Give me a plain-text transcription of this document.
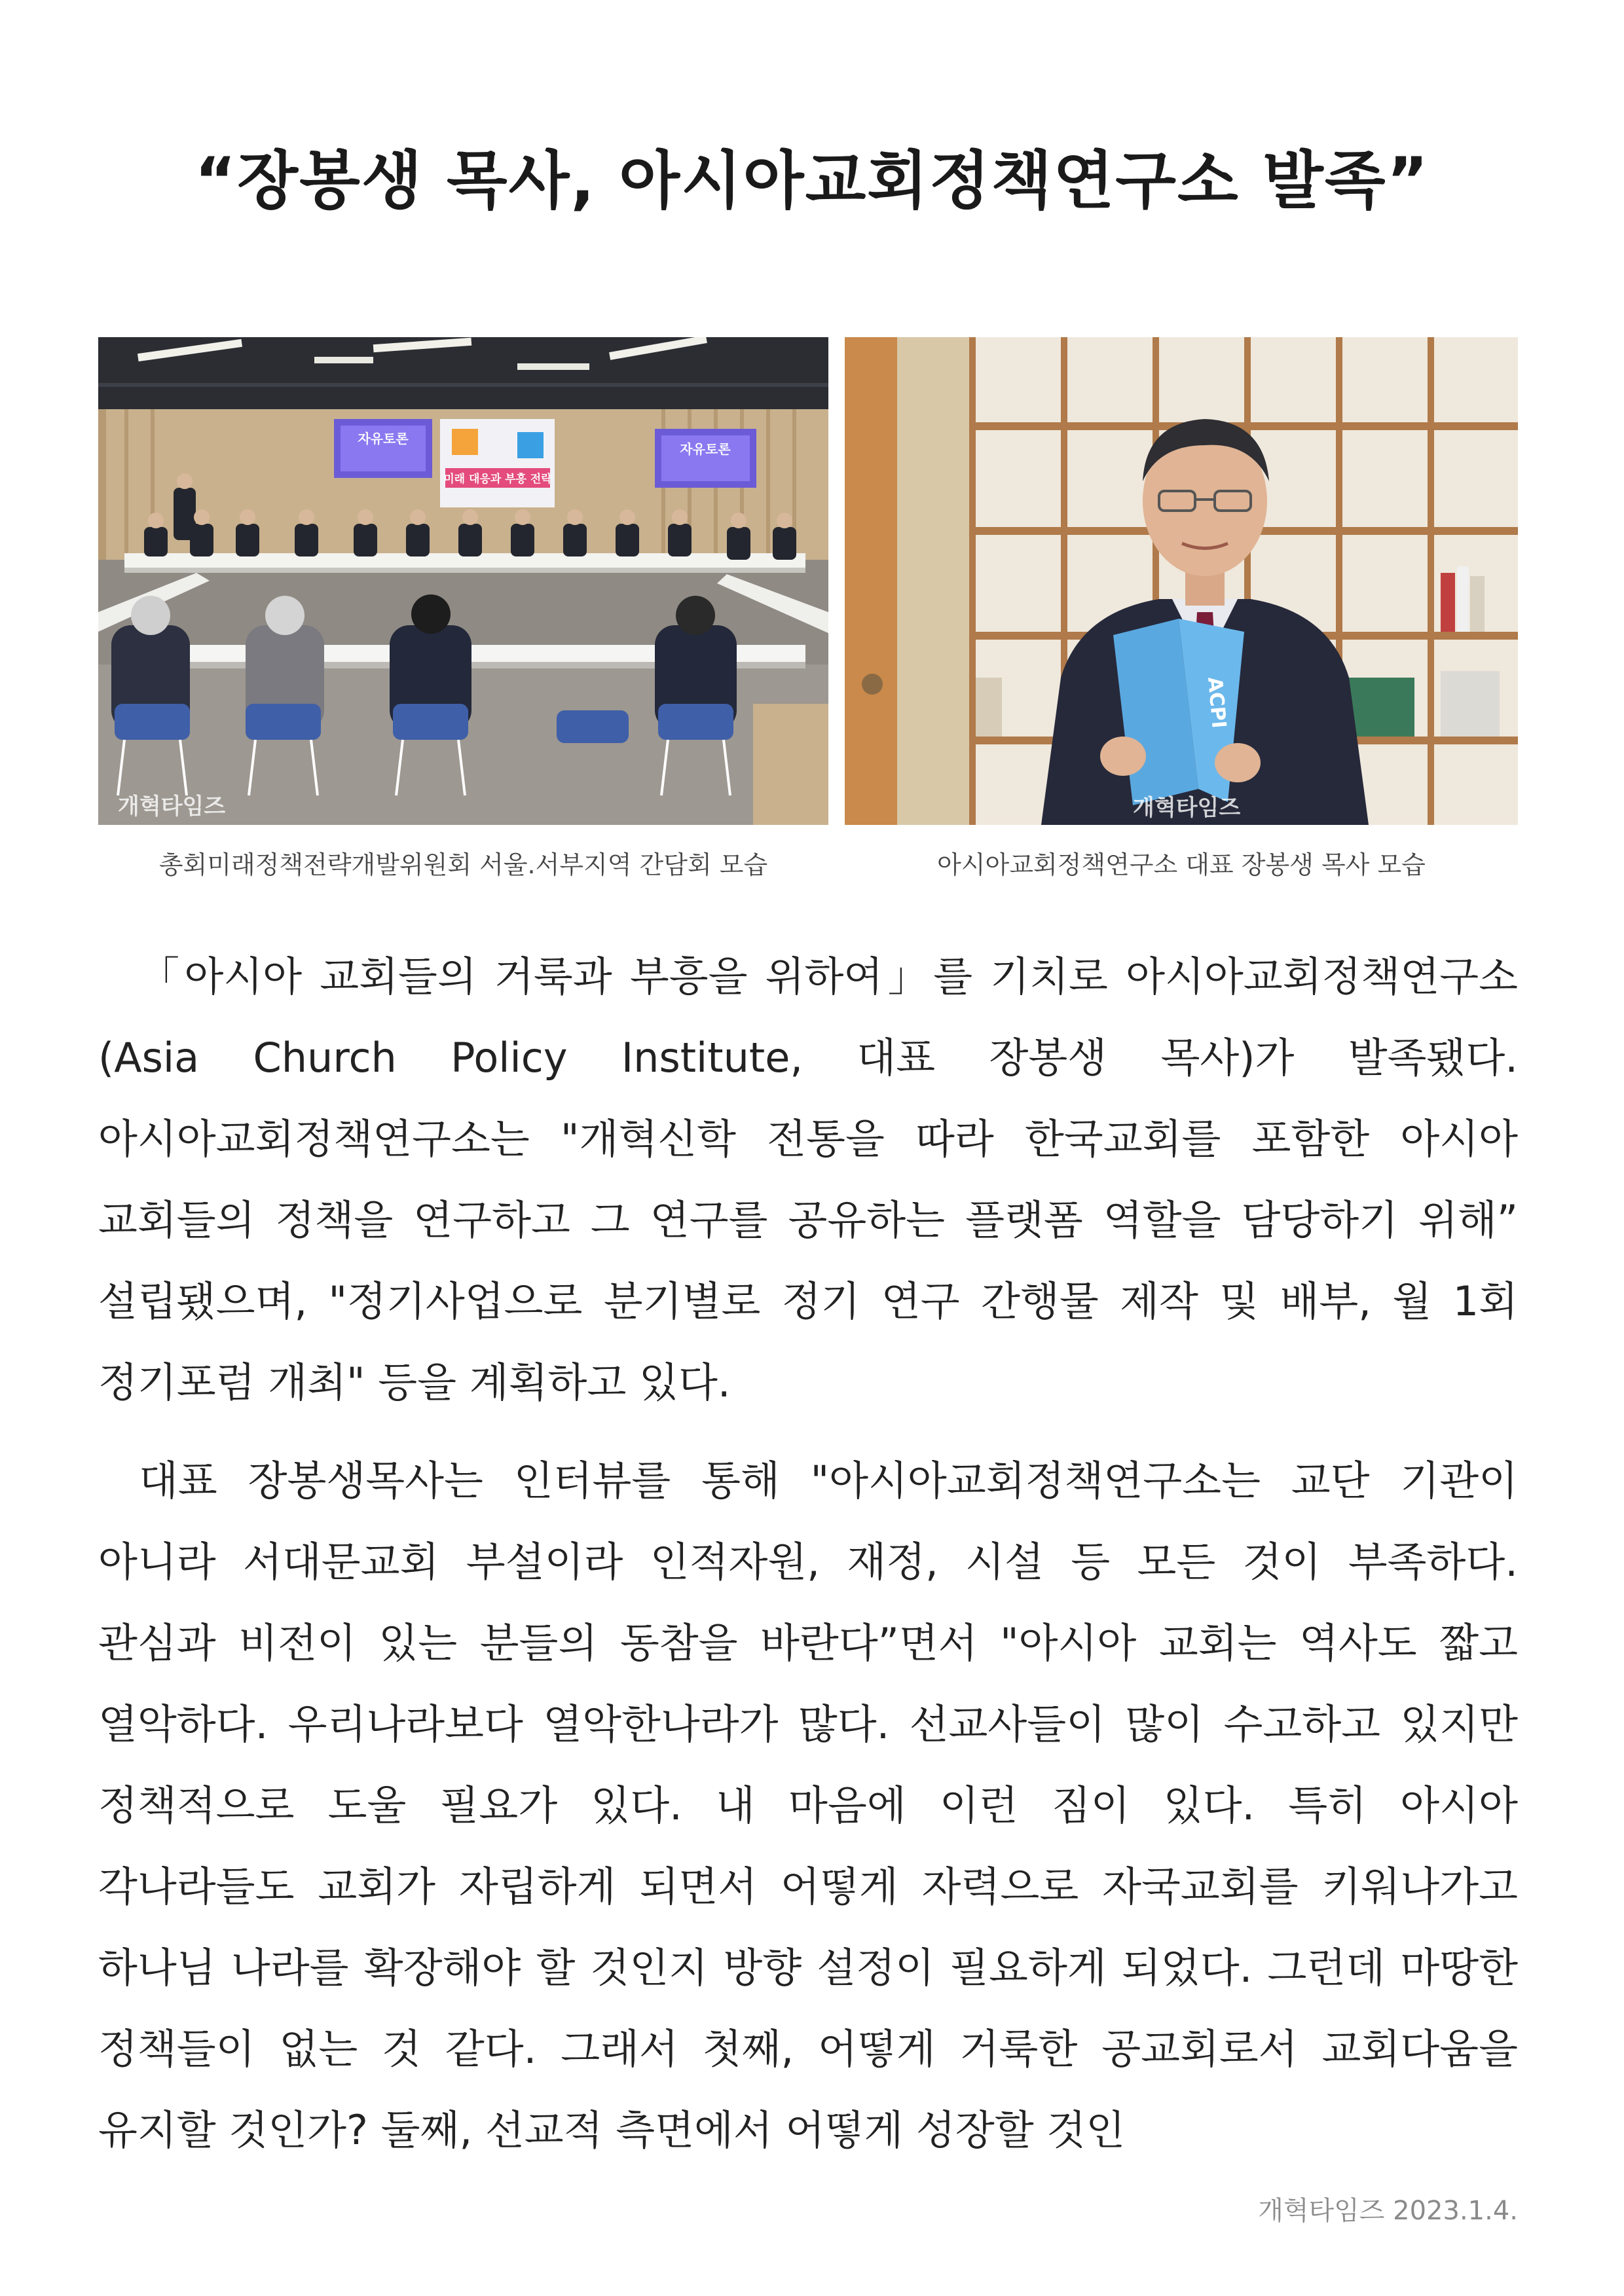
“장봉생 목사, 아시아교회정책연구소 발족”
자유토론
미래 대응과 부흥 전략
자유토론
개혁타임즈
ACPI
개혁타임즈
총회미래정책전략개발위원회 서울.서부지역 간담회 모습	아시아교회정책연구소 대표 장봉생 목사 모습

「아시아 교회들의 거룩과 부흥을 위하여」를 기치로 아시아교회정책연구소(Asia Church Policy Institute, 대표 장봉생 목사)가 발족됐다. 아시아교회정책연구소는 "개혁신학 전통을 따라 한국교회를 포함한 아시아 교회들의 정책을 연구하고 그 연구를 공유하는 플랫폼 역할을 담당하기 위해” 설립됐으며, "정기사업으로 분기별로 정기 연구 간행물 제작 및 배부, 월 1회 정기포럼 개최" 등을 계획하고 있다.

대표 장봉생목사는 인터뷰를 통해 "아시아교회정책연구소는 교단 기관이 아니라 서대문교회 부설이라 인적자원, 재정, 시설 등 모든 것이 부족하다. 관심과 비전이 있는 분들의 동참을 바란다”면서 "아시아 교회는 역사도 짧고 열악하다. 우리나라보다 열악한나라가 많다. 선교사들이 많이 수고하고 있지만 정책적으로 도울 필요가 있다. 내 마음에 이런 짐이 있다. 특히 아시아 각나라들도 교회가 자립하게 되면서 어떻게 자력으로 자국교회를 키워나가고 하나님 나라를 확장해야 할 것인지 방향 설정이 필요하게 되었다. 그런데 마땅한 정책들이 없는 것 같다. 그래서 첫째, 어떻게 거룩한 공교회로서 교회다움을 유지할 것인가? 둘째, 선교적 측면에서 어떻게 성장할 것인

개혁타임즈 2023.1.4.
